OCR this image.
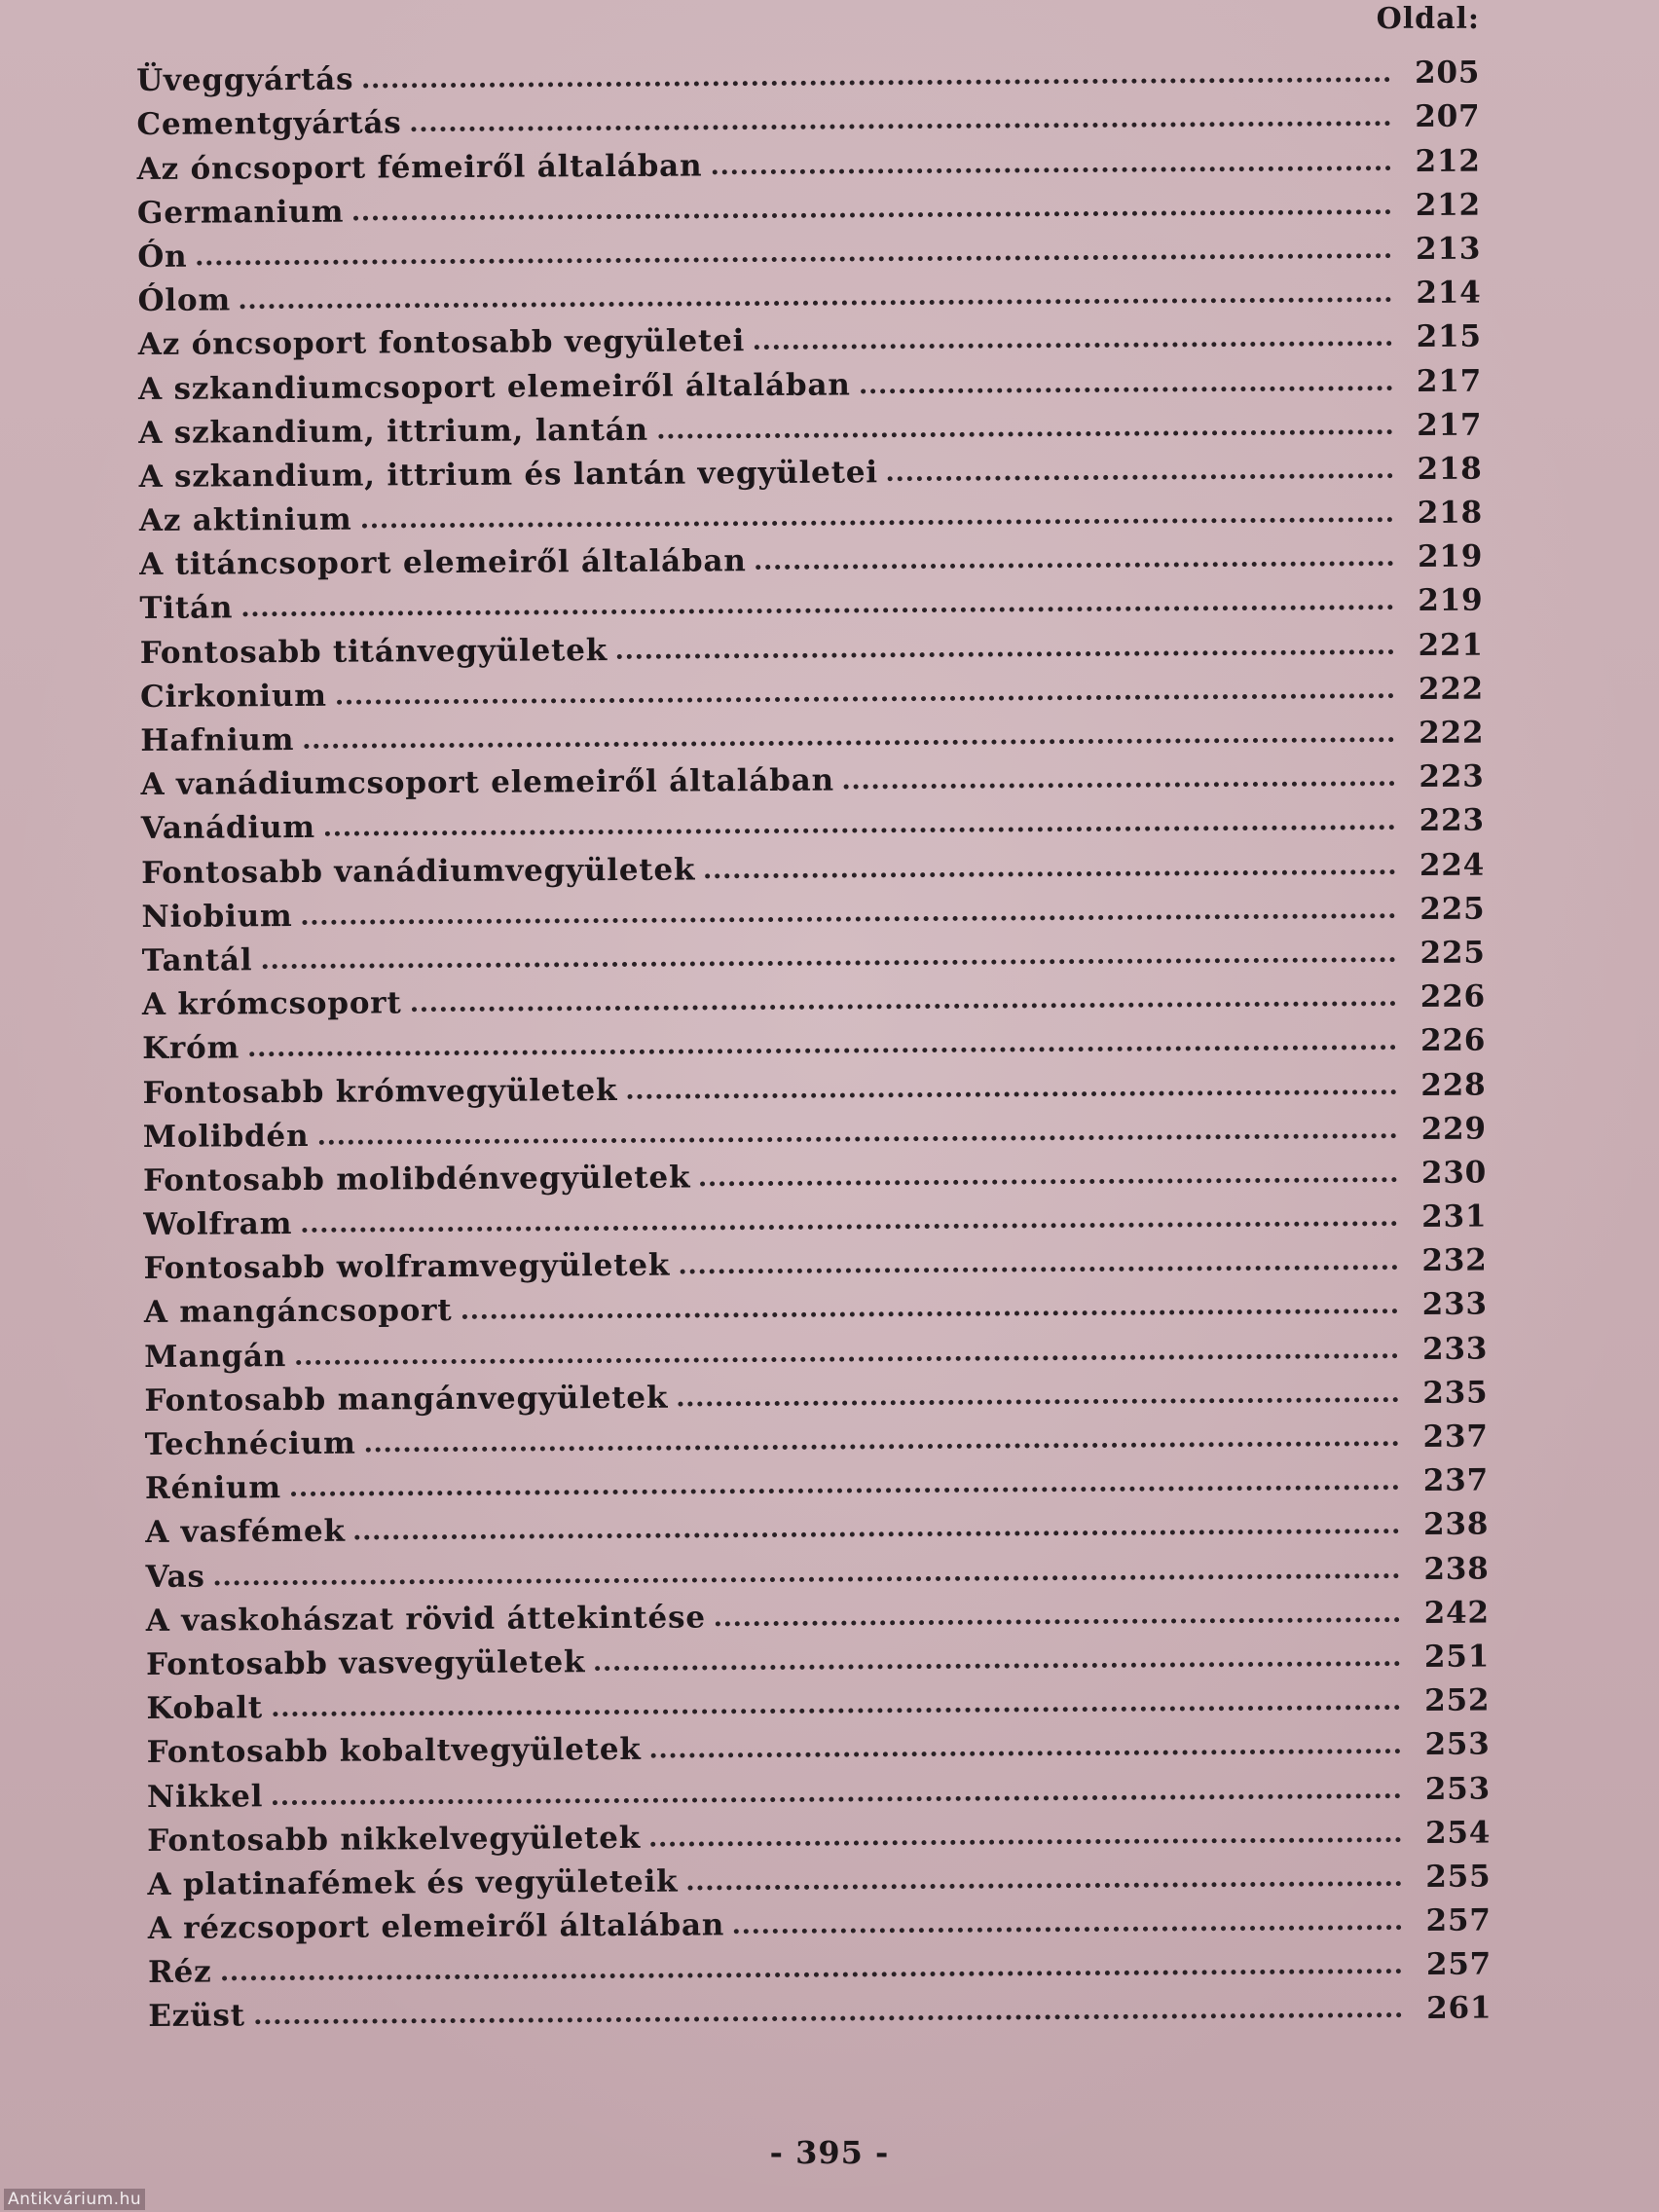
Oldal:
Üveggyártás	205
Cementgyártás	207
Az óncsoport fémeiről általában	212
Germanium	212
Ón	213
Ólom	214
Az óncsoport fontosabb vegyületei	215
A szkandiumcsoport elemeiről általában	217
A szkandium, ittrium, lantán	217
A szkandium, ittrium és lantán vegyületei	218
Az aktinium	218
A titáncsoport elemeiről általában	219
Titán	219
Fontosabb titánvegyületek	221
Cirkonium	222
Hafnium	222
A vanádiumcsoport elemeiről általában	223
Vanádium	223
Fontosabb vanádiumvegyületek	224
Niobium	225
Tantál	225
A krómcsoport	226
Króm	226
Fontosabb krómvegyületek	228
Molibdén	229
Fontosabb molibdénvegyületek	230
Wolfram	231
Fontosabb wolframvegyületek	232
A mangáncsoport	233
Mangán	233
Fontosabb mangánvegyületek	235
Technécium	237
Rénium	237
A vasfémek	238
Vas	238
A vaskohászat rövid áttekintése	242
Fontosabb vasvegyületek	251
Kobalt	252
Fontosabb kobaltvegyületek	253
Nikkel	253
Fontosabb nikkelvegyületek	254
A platinafémek és vegyületeik	255
A rézcsoport elemeiről általában	257
Réz	257
Ezüst	261
- 395 -
Antikvárium.hu
